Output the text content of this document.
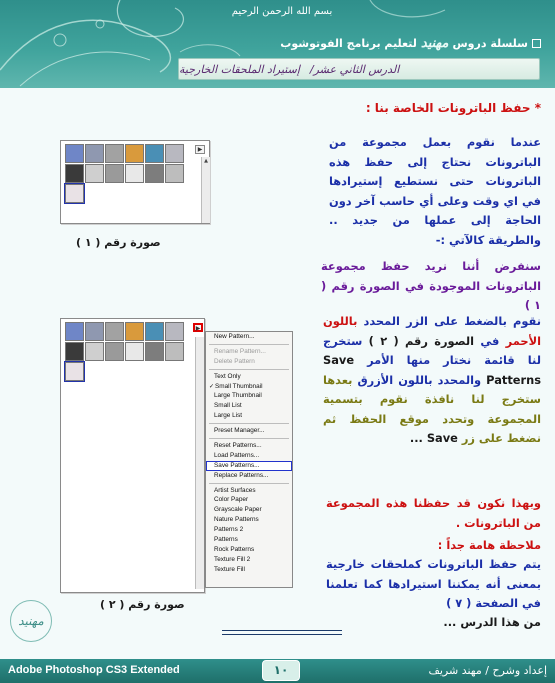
بسم الله الرحمن الرحيم
سلسلة دروس
مهنيد
لتعليم برنامج الفوتوشوب
الدرس الثاني عشر/
إستيراد الملحقات الخارجية
* حفظ الباترونات الخاصة بنا :

عندما نقوم بعمل مجموعة من الباترونات نحتاج إلى حفظ هذه الباترونات حتى نستطيع إستيرادها في اي وقت وعلى أي حاسب آخر دون الحاجة إلى عملها من جديد .. والطريقة كالآتي :-

▶
▲
صورة رقم ( ١ )

سنفرض أننا نريد حفظ مجموعة الباترونات الموجودة في الصورة رقم ( ١ )

▶
New Pattern...
Rename Pattern...
Delete Pattern
Text Only
✓ Small Thumbnail
Large Thumbnail
Small List
Large List
Preset Manager...
Reset Patterns...
Load Patterns...
Save Patterns...
Replace Patterns...
Artist Surfaces
Color Paper
Grayscale Paper
Nature Patterns
Patterns 2
Patterns
Rock Patterns
Texture Fill 2
Texture Fill
صورة رقم ( ٢ )

نقوم بالضغط على الزر المحدد باللون الأحمر في الصورة رقم ( ٢ ) ستخرج لنا قائمة نختار منها الأمر Save Patterns والمحدد باللون الأزرق بعدها ستخرج لنا نافذة نقوم بتسمية المجموعة وتحدد موقع الحفظ ثم نضغط على زر Save ...

وبهذا نكون قد حفظنا هذه المجموعة من الباترونات .

ملاحظة هامة جداً :

يتم حفظ الباترونات كملحقات خارجية بمعنى أنه يمكننا استيرادها كما تعلمنا في الصفحة ( ٧ )

من هذا الدرس ...

مهنيد
Adobe Photoshop CS3 Extended	١٠	إعداد وشرح / مهند شريف
